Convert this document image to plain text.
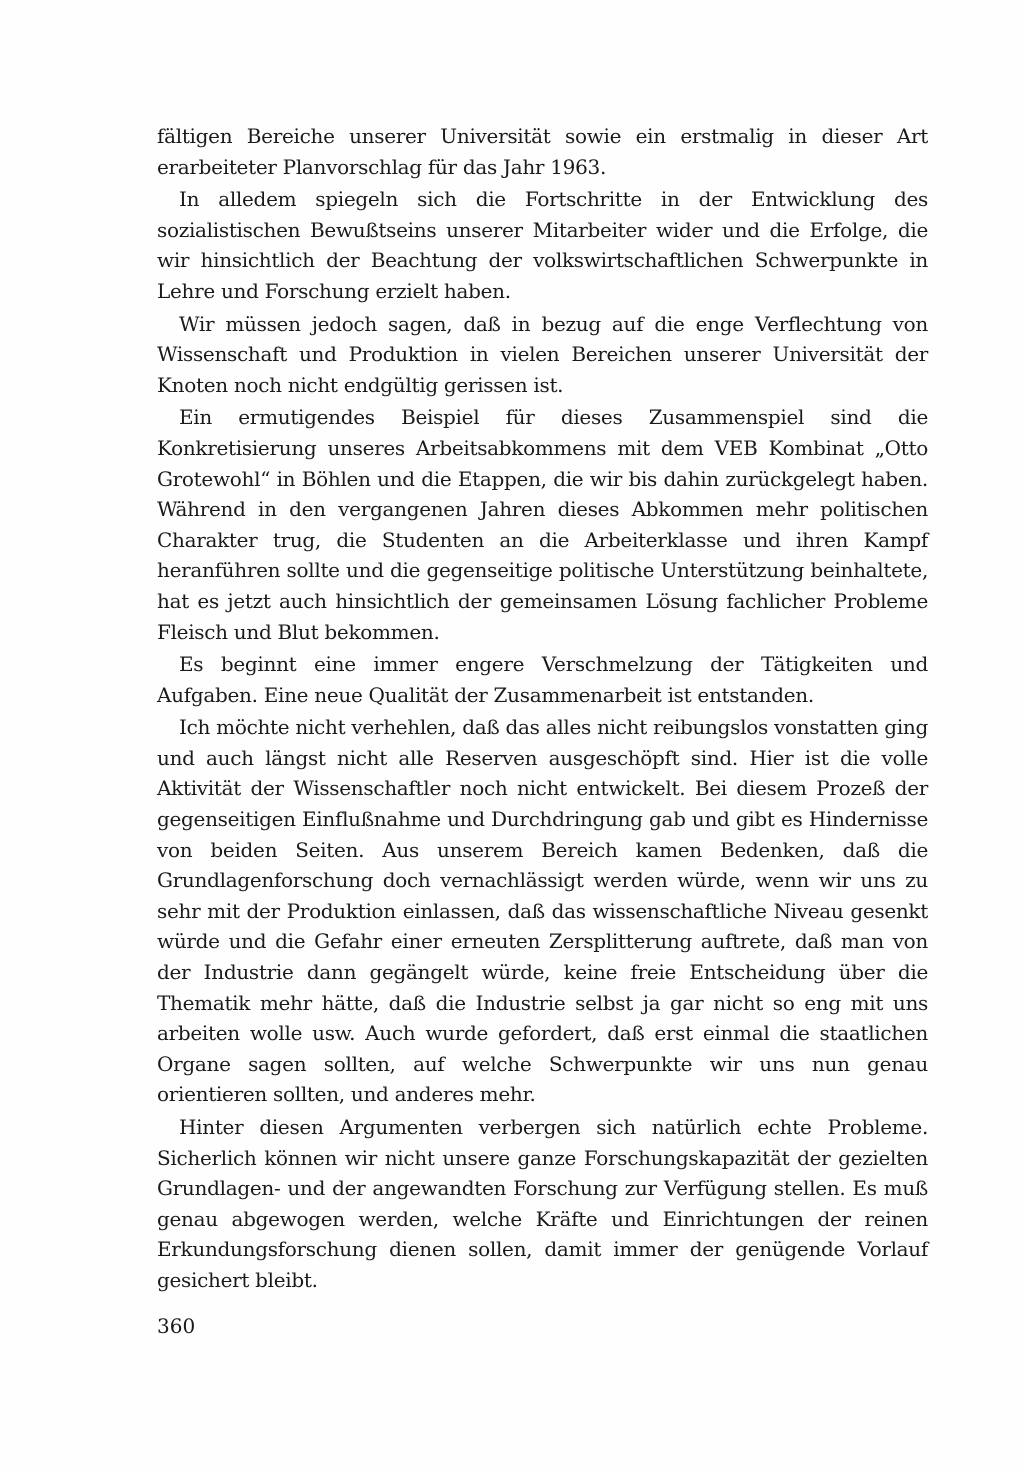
fältigen Bereiche unserer Universität sowie ein erstmalig in dieser Art erarbeiteter Planvorschlag für das Jahr 1963.

In alledem spiegeln sich die Fortschritte in der Entwicklung des sozialistischen Bewußtseins unserer Mitarbeiter wider und die Erfolge, die wir hinsichtlich der Beachtung der volkswirtschaftlichen Schwerpunkte in Lehre und Forschung erzielt haben.

Wir müssen jedoch sagen, daß in bezug auf die enge Verflechtung von Wissenschaft und Produktion in vielen Bereichen unserer Universität der Knoten noch nicht endgültig gerissen ist.

Ein ermutigendes Beispiel für dieses Zusammenspiel sind die Konkretisierung unseres Arbeitsabkommens mit dem VEB Kombinat „Otto Grotewohl“ in Böhlen und die Etappen, die wir bis dahin zurückgelegt haben. Während in den vergangenen Jahren dieses Abkommen mehr politischen Charakter trug, die Studenten an die Arbeiterklasse und ihren Kampf heranführen sollte und die gegenseitige politische Unterstützung beinhaltete, hat es jetzt auch hinsichtlich der gemeinsamen Lösung fachlicher Probleme Fleisch und Blut bekommen.

Es beginnt eine immer engere Verschmelzung der Tätigkeiten und Aufgaben. Eine neue Qualität der Zusammenarbeit ist entstanden.

Ich möchte nicht verhehlen, daß das alles nicht reibungslos vonstatten ging und auch längst nicht alle Reserven ausgeschöpft sind. Hier ist die volle Aktivität der Wissenschaftler noch nicht entwickelt. Bei diesem Prozeß der gegenseitigen Einflußnahme und Durchdringung gab und gibt es Hindernisse von beiden Seiten. Aus unserem Bereich kamen Bedenken, daß die Grundlagenforschung doch vernachlässigt werden würde, wenn wir uns zu sehr mit der Produktion einlassen, daß das wissenschaftliche Niveau gesenkt würde und die Gefahr einer erneuten Zersplitterung auftrete, daß man von der Industrie dann gegängelt würde, keine freie Entscheidung über die Thematik mehr hätte, daß die Industrie selbst ja gar nicht so eng mit uns arbeiten wolle usw. Auch wurde gefordert, daß erst einmal die staatlichen Organe sagen sollten, auf welche Schwerpunkte wir uns nun genau orientieren sollten, und anderes mehr.

Hinter diesen Argumenten verbergen sich natürlich echte Probleme. Sicherlich können wir nicht unsere ganze Forschungskapazität der gezielten Grundlagen- und der angewandten Forschung zur Verfügung stellen. Es muß genau abgewogen werden, welche Kräfte und Einrichtungen der reinen Erkundungsforschung dienen sollen, damit immer der genügende Vorlauf gesichert bleibt.

360
